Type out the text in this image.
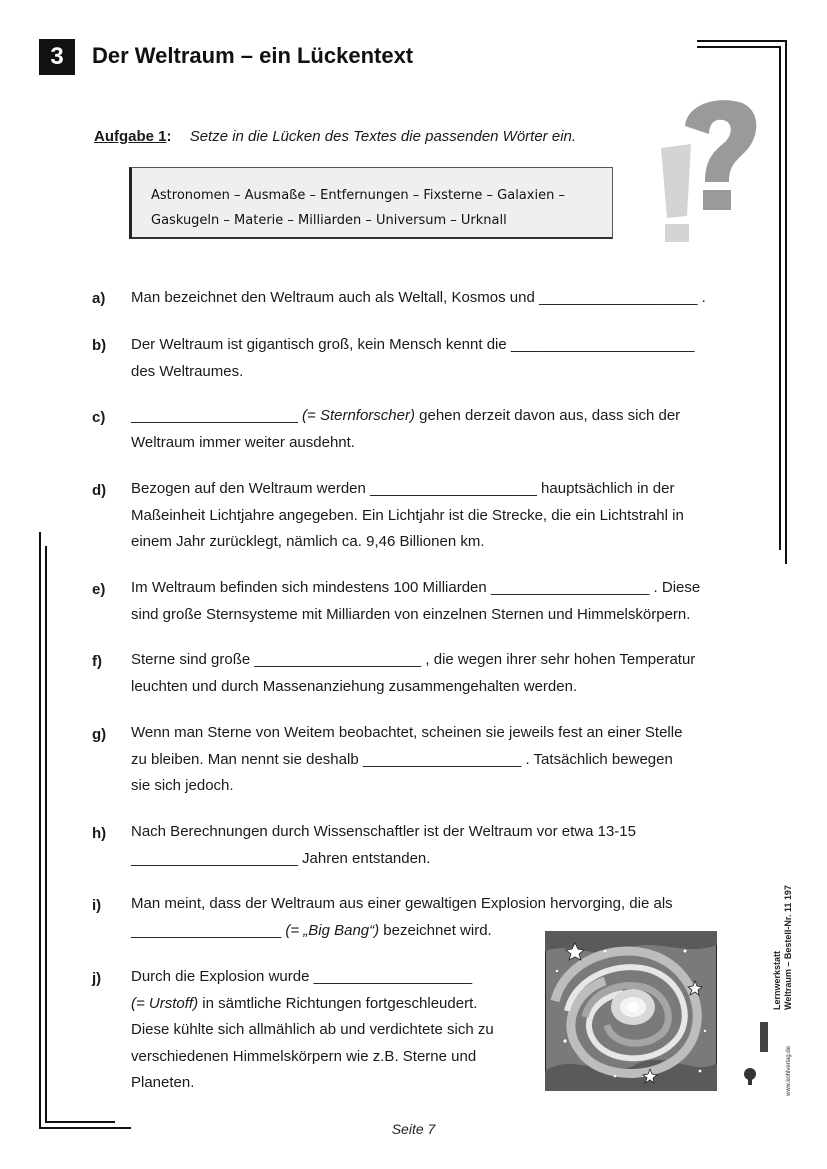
3	Der Weltraum – ein Lückentext
Aufgabe 1: Setze in die Lücken des Textes die passenden Wörter ein.
Astronomen – Ausmaße – Entfernungen – Fixsterne – Galaxien –
Gaskugeln – Materie – Milliarden – Universum – Urknall
a) Man bezeichnet den Weltraum auch als Weltall, Kosmos und ___________________ .
b) Der Weltraum ist gigantisch groß, kein Mensch kennt die ______________________
des Weltraumes.
c) ____________________ (= Sternforscher) gehen derzeit davon aus, dass sich der
Weltraum immer weiter ausdehnt.
d) Bezogen auf den Weltraum werden ____________________ hauptsächlich in der
Maßeinheit Lichtjahre angegeben. Ein Lichtjahr ist die Strecke, die ein Lichtstrahl in
einem Jahr zurücklegt, nämlich ca. 9,46 Billionen km.
e) Im Weltraum befinden sich mindestens 100 Milliarden ___________________ . Diese
sind große Sternsysteme mit Milliarden von einzelnen Sternen und Himmelskörpern.
f) Sterne sind große ____________________ , die wegen ihrer sehr hohen Temperatur
leuchten und durch Massenanziehung zusammengehalten werden.
g) Wenn man Sterne von Weitem beobachtet, scheinen sie jeweils fest an einer Stelle
zu bleiben. Man nennt sie deshalb ___________________ . Tatsächlich bewegen
sie sich jedoch.
h) Nach Berechnungen durch Wissenschaftler ist der Weltraum vor etwa 13-15
____________________ Jahren entstanden.
i) Man meint, dass der Weltraum aus einer gewaltigen Explosion hervorging, die als
__________________ (= „Big Bang“) bezeichnet wird.
j) Durch die Explosion wurde ___________________
(= Urstoff) in sämtliche Richtungen fortgeschleudert.
Diese kühlte sich allmählich ab und verdichtete sich zu
verschiedenen Himmelskörpern wie z.B. Sterne und
Planeten.
Lernwerkstatt Weltraum – Bestell-Nr. 11 197
www.kohlverlag.de
Seite 7
